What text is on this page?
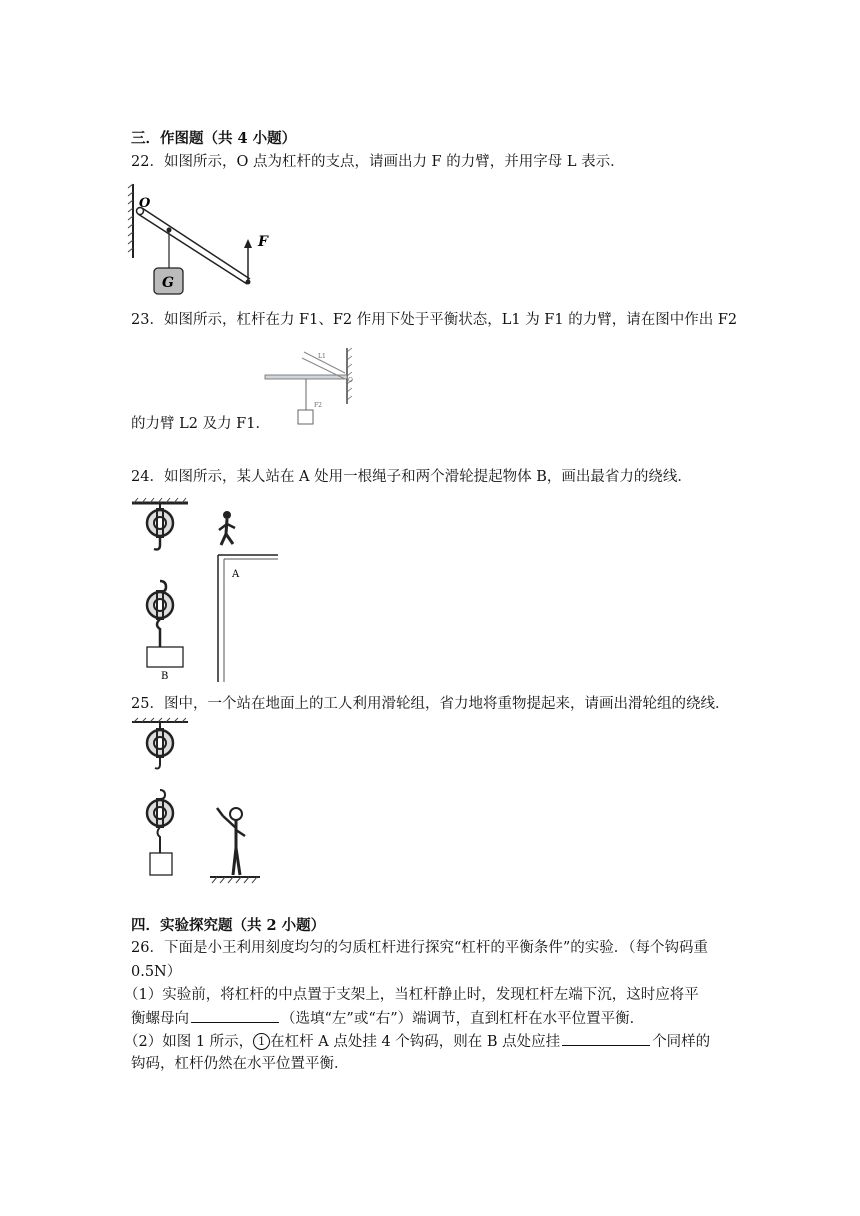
三．作图题（共 4 小题）
22．如图所示，O 点为杠杆的支点，请画出力 F 的力臂，并用字母 L 表示．
G
O
F
23．如图所示，杠杆在力 F1、F2 作用下处于平衡状态，L1 为 F1 的力臂，请在图中作出 F2
L1
O
F2
的力臂 L2 及力 F1．
24．如图所示，某人站在 A 处用一根绳子和两个滑轮提起物体 B，画出最省力的绕线．
B
A
25．图中，一个站在地面上的工人利用滑轮组，省力地将重物提起来，请画出滑轮组的绕线．
四．实验探究题（共 2 小题）
26．下面是小王利用刻度均匀的匀质杠杆进行探究“杠杆的平衡条件”的实验．（每个钩码重
0.5N）
（1）实验前，将杠杆的中点置于支架上，当杠杆静止时，发现杠杆左端下沉，这时应将平
衡螺母向	（选填“左”或“右”）端调节，直到杠杆在水平位置平衡．
（2）如图 1 所示， 1 在杠杆 A 点处挂 4 个钩码，则在 B 点处应挂	个同样的
钩码，杠杆仍然在水平位置平衡．
